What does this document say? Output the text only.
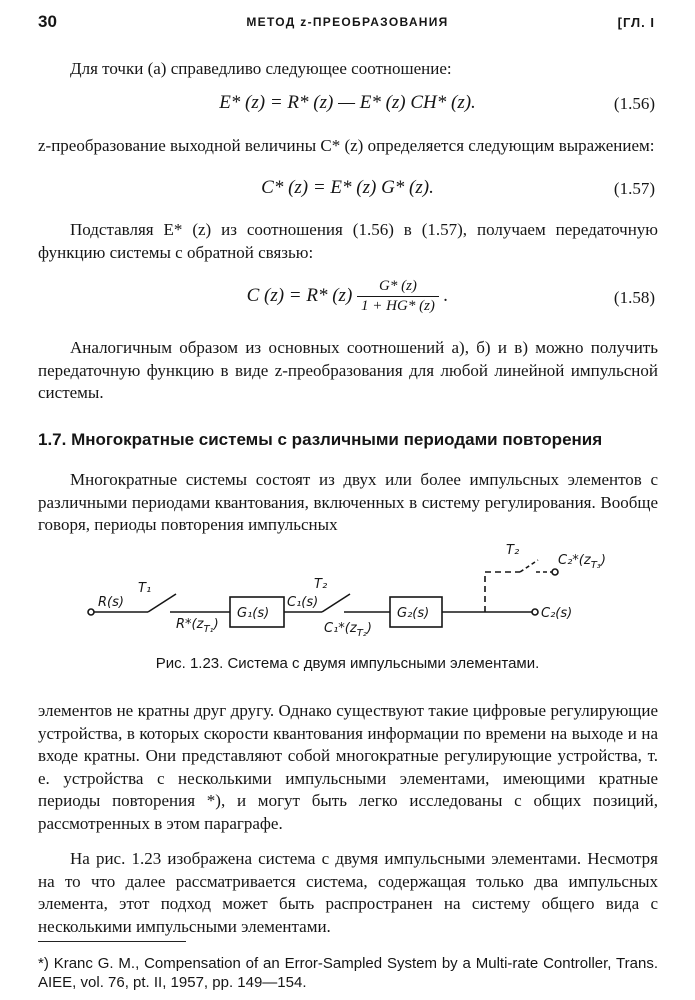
30	МЕТОД z-ПРЕОБРАЗОВАНИЯ	[ГЛ. I
Для точки (а) справедливо следующее соотношение:
E* (z) = R* (z) — E* (z) CH* (z).	(1.56)
z-преобразование выходной величины C* (z) определяется следующим выражением:
C* (z) = E* (z) G* (z).	(1.57)
Подставляя E* (z) из соотношения (1.56) в (1.57), получаем передаточную функцию системы с обратной связью:
C (z) = R* $(z) \frac{G* (z)}{1 + HG* (z)}$ .	(1.58)
Аналогичным образом из основных соотношений а), б) и в) можно получить передаточную функцию в виде z-преобразования для любой линейной импульсной системы.
1.7. Многократные системы с различными периодами повторения
Многократные системы состоят из двух или более импульсных элементов с различными периодами квантования, включенных в систему регулирования. Вообще говоря, периоды повторения импульсных
R(s)
T₁
$R*(z_{T_1})$
G₁(s)
C₁(s)
T₂
$C_1*(z_{T_2})$
G₂(s)	C₂(s)
T₂
$C_2*(z_{T_3})$
Рис. 1.23. Система с двумя импульсными элементами.
элементов не кратны друг другу. Однако существуют такие цифровые регулирующие устройства, в которых скорости квантования информации по времени на выходе и на входе кратны. Они представляют собой многократные регулирующие устройства, т. е. устройства с несколькими импульсными элементами, имеющими кратные периоды повторения *), и могут быть легко исследованы с общих позиций, рассмотренных в этом параграфе.
На рис. 1.23 изображена система с двумя импульсными элементами. Несмотря на то что далее рассматривается система, содержащая только два импульсных элемента, этот подход может быть распространен на систему общего вида с несколькими импульсными элементами.
*) Kranc G. M., Compensation of an Error-Sampled System by a Multi-rate Controller, Trans. AIEE, vol. 76, pt. II, 1957, pp. 149—154.
